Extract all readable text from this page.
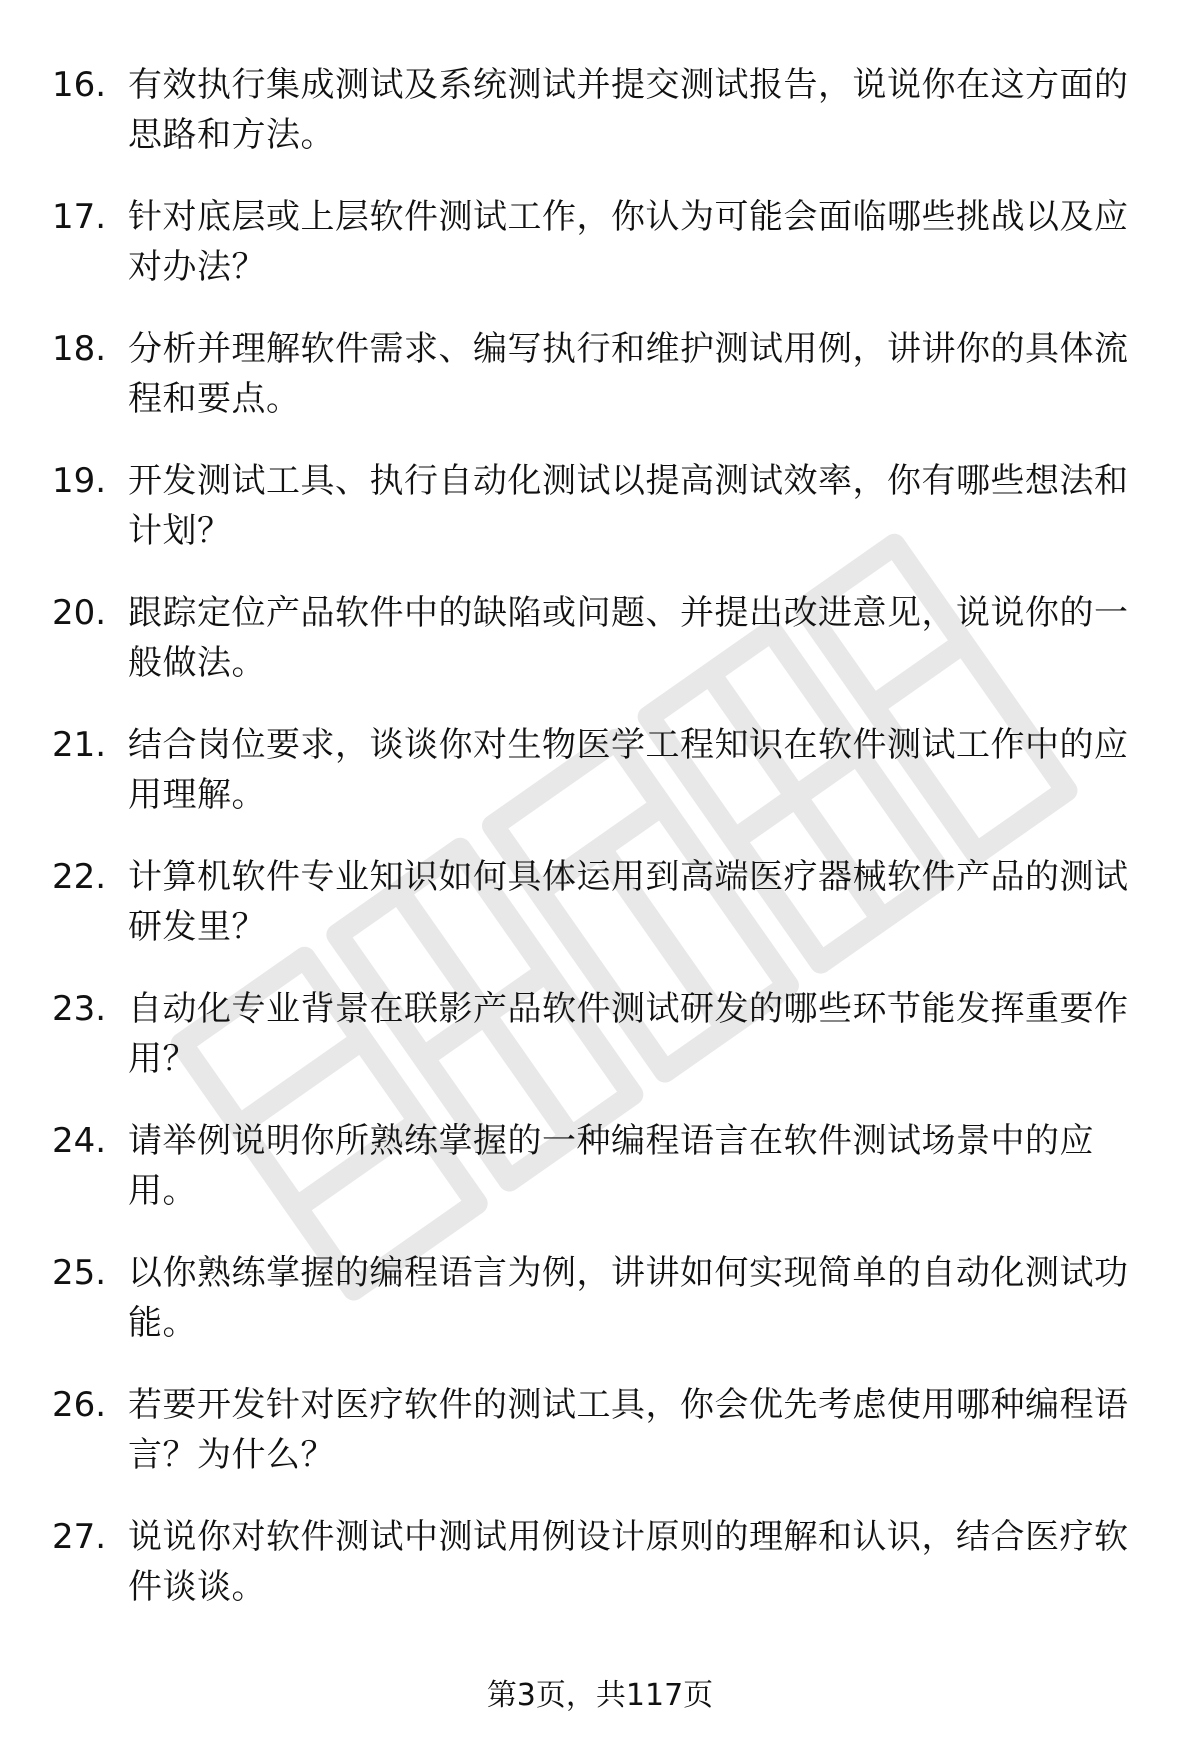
16. 有效执行集成测试及系统测试并提交测试报告，说说你在这方面的思路和方法。
17. 针对底层或上层软件测试工作，你认为可能会面临哪些挑战以及应对办法？
18. 分析并理解软件需求、编写执行和维护测试用例，讲讲你的具体流程和要点。
19. 开发测试工具、执行自动化测试以提高测试效率，你有哪些想法和计划？
20. 跟踪定位产品软件中的缺陷或问题、并提出改进意见，说说你的一般做法。
21. 结合岗位要求，谈谈你对生物医学工程知识在软件测试工作中的应用理解。
22. 计算机软件专业知识如何具体运用到高端医疗器械软件产品的测试研发里？
23. 自动化专业背景在联影产品软件测试研发的哪些环节能发挥重要作用？
24. 请举例说明你所熟练掌握的一种编程语言在软件测试场景中的应用。
25. 以你熟练掌握的编程语言为例，讲讲如何实现简单的自动化测试功能。
26. 若要开发针对医疗软件的测试工具，你会优先考虑使用哪种编程语言？为什么？
27. 说说你对软件测试中测试用例设计原则的理解和认识，结合医疗软件谈谈。
第3页，共117页
